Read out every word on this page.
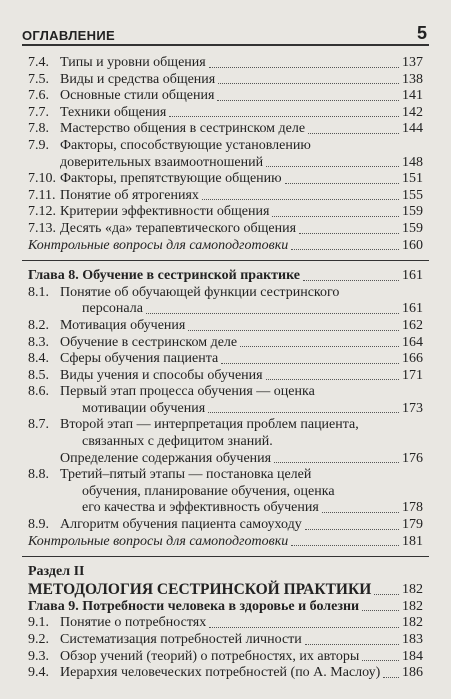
ОГЛАВЛЕНИЕ	5
7.4. Типы и уровни общения	137
7.5. Виды и средства общения	138
7.6. Основные стили общения	141
7.7. Техники общения	142
7.8. Мастерство общения в сестринском деле	144
7.9. Факторы, способствующие установлению
доверительных взаимоотношений	148
7.10. Факторы, препятствующие общению	151
7.11. Понятие об ятрогениях	155
7.12. Критерии эффективности общения	159
7.13. Десять «да» терапевтического общения	159
Контрольные вопросы для самоподготовки	160
Глава 8. Обучение в сестринской практике	161
8.1. Понятие об обучающей функции сестринского
персонала	161
8.2. Мотивация обучения	162
8.3. Обучение в сестринском деле	164
8.4. Сферы обучения пациента	166
8.5. Виды учения и способы обучения	171
8.6. Первый этап процесса обучения — оценка
мотивации обучения	173
8.7. Второй этап — интерпретация проблем пациента,
связанных с дефицитом знаний.
Определение содержания обучения	176
8.8. Третий–пятый этапы — постановка целей
обучения, планирование обучения, оценка
его качества и эффективность обучения	178
8.9. Алгоритм обучения пациента самоуходу	179
Контрольные вопросы для самоподготовки	181
Раздел II
МЕТОДОЛОГИЯ СЕСТРИНСКОЙ ПРАКТИКИ 182
Глава 9. Потребности человека в здоровье и болезни	182
9.1. Понятие о потребностях	182
9.2. Систематизация потребностей личности	183
9.3. Обзор учений (теорий) о потребностях, их авторы	184
9.4. Иерархия человеческих потребностей (по А. Маслоу) 186
